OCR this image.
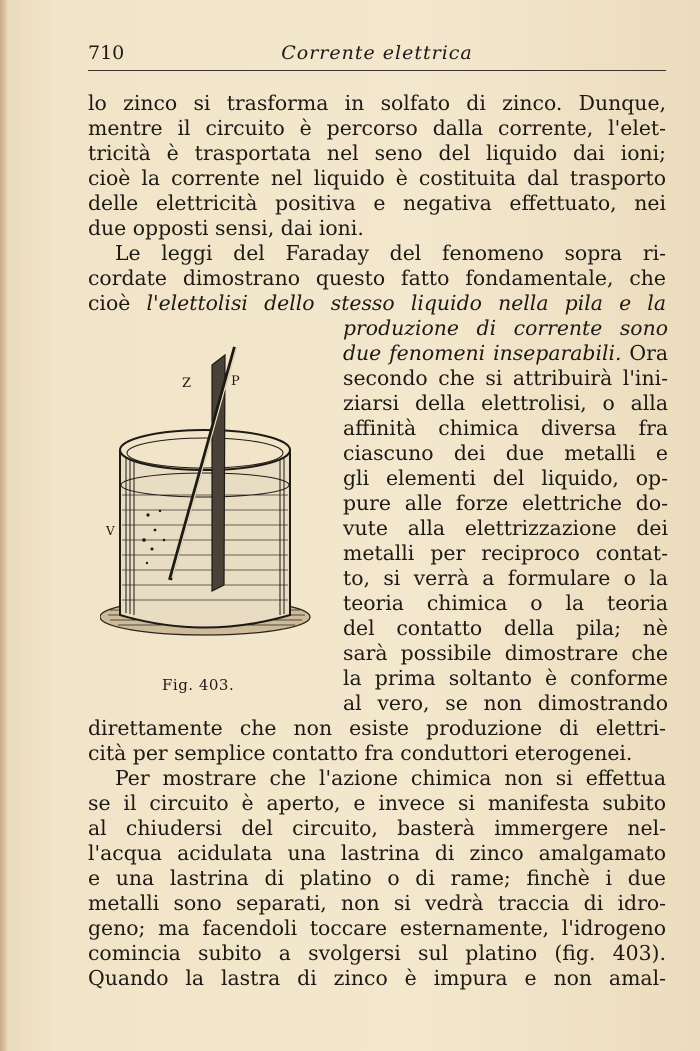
710	Corrente elettrica
lo zinco si trasforma in solfato di zinco. Dunque,
mentre il circuito è percorso dalla corrente, l'elet-
tricità è trasportata nel seno del liquido dai ioni;
cioè la corrente nel liquido è costituita dal trasporto
delle elettricità positiva e negativa effettuato, nei
due opposti sensi, dai ioni.
Le leggi del Faraday del fenomeno sopra ri-
cordate dimostrano questo fatto fondamentale, che
cioè l'elettolisi dello stesso liquido nella pila e la
produzione di corrente sono
due fenomeni inseparabili. Ora
secondo che si attribuirà l'ini-
ziarsi della elettrolisi, o alla
affinità chimica diversa fra
ciascuno dei due metalli e
gli elementi del liquido, op-
pure alle forze elettriche do-
vute alla elettrizzazione dei
metalli per reciproco contat-
to, si verrà a formulare o la
teoria chimica o la teoria
del contatto della pila; nè
sarà possibile dimostrare che
la prima soltanto è conforme
al vero, se non dimostrando
Z	P
V
Fig. 403.
direttamente che non esiste produzione di elettri-
cità per semplice contatto fra conduttori eterogenei.
Per mostrare che l'azione chimica non si effettua
se il circuito è aperto, e invece si manifesta subito
al chiudersi del circuito, basterà immergere nel-
l'acqua acidulata una lastrina di zinco amalgamato
e una lastrina di platino o di rame; finchè i due
metalli sono separati, non si vedrà traccia di idro-
geno; ma facendoli toccare esternamente, l'idrogeno
comincia subito a svolgersi sul platino (fig. 403).
Quando la lastra di zinco è impura e non amal-
